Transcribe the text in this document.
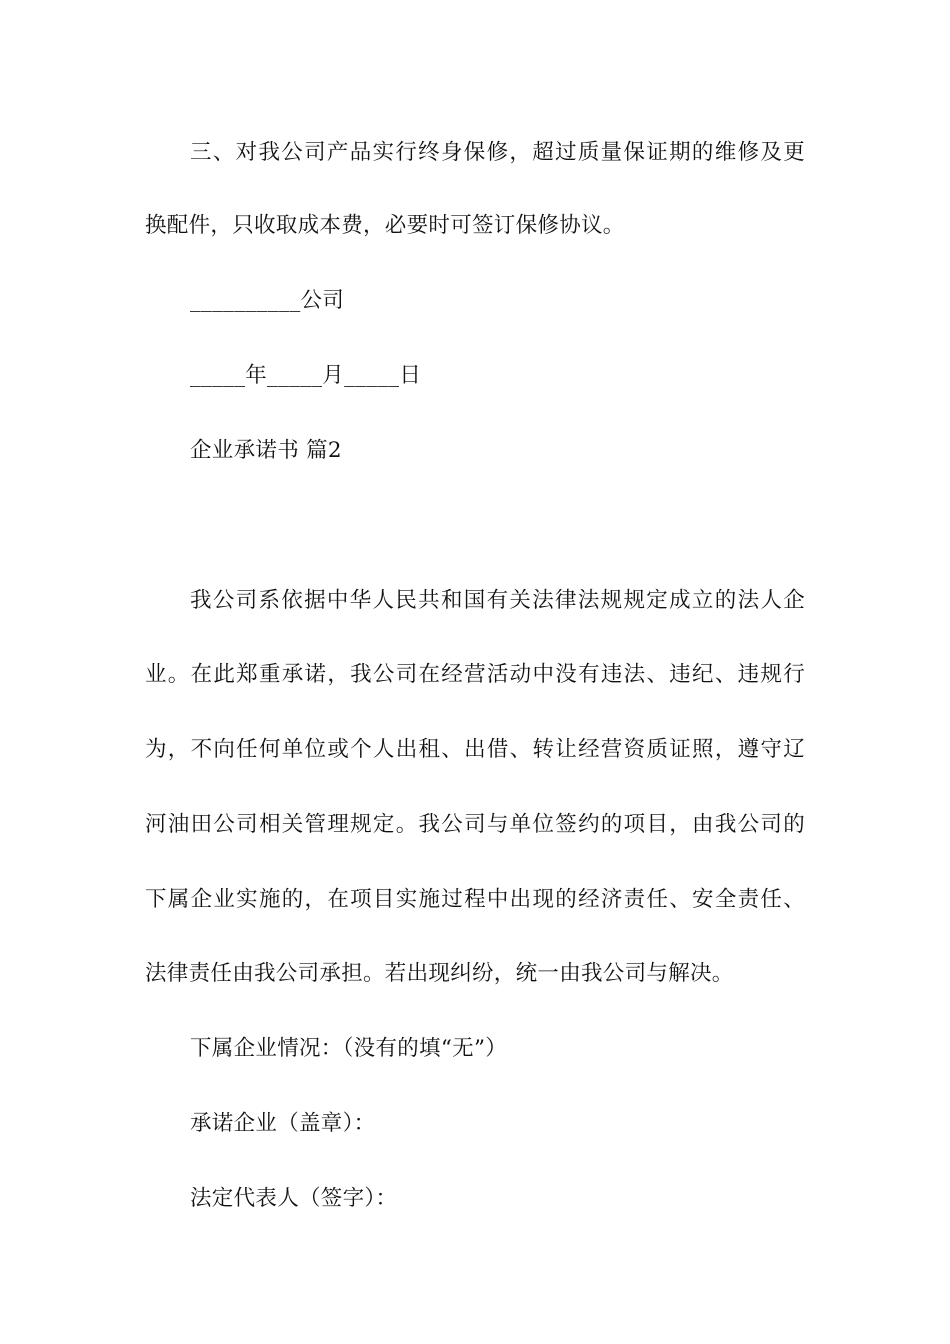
三、对我公司产品实行终身保修，超过质量保证期的维修及更
换配件，只收取成本费，必要时可签订保修协议。
__________公司
_____年_____月_____日
企业承诺书 篇2
我公司系依据中华人民共和国有关法律法规规定成立的法人企
业。在此郑重承诺，我公司在经营活动中没有违法、违纪、违规行
为，不向任何单位或个人出租、出借、转让经营资质证照，遵守辽
河油田公司相关管理规定。我公司与单位签约的项目，由我公司的
下属企业实施的，在项目实施过程中出现的经济责任、安全责任、
法律责任由我公司承担。若出现纠纷，统一由我公司与解决。
下属企业情况：（没有的填“无”）
承诺企业（盖章）：
法定代表人（签字）：
